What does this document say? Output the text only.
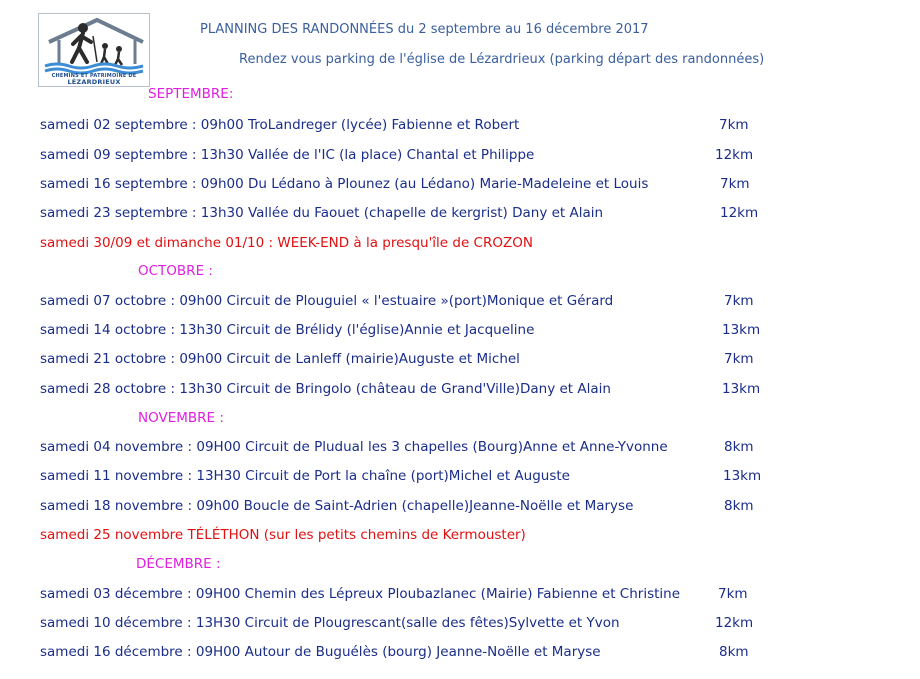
CHEMINS ET PATRIMOINE DE
LÉZARDRIEUX
PLANNING DES RANDONNÉES du 2 septembre au 16 décembre 2017
Rendez vous parking de l'église de Lézardrieux (parking départ des randonnées)
SEPTEMBRE:
samedi 02 septembre : 09h00 TroLandreger (lycée) Fabienne et Robert	7km
samedi 09 septembre : 13h30 Vallée de l'IC (la place) Chantal et Philippe	12km
samedi 16 septembre : 09h00 Du Lédano à Plounez (au Lédano) Marie-Madeleine et Louis	7km
samedi 23 septembre : 13h30 Vallée du Faouet (chapelle de kergrist) Dany et Alain	12km
samedi 30/09 et dimanche 01/10 : WEEK-END à la presqu'île de CROZON
OCTOBRE :
samedi 07 octobre : 09h00 Circuit de Plouguiel « l'estuaire »(port)Monique et Gérard	7km
samedi 14 octobre : 13h30 Circuit de Brélidy (l'église)Annie et Jacqueline	13km
samedi 21 octobre : 09h00 Circuit de Lanleff (mairie)Auguste et Michel	7km
samedi 28 octobre : 13h30 Circuit de Bringolo (château de Grand'Ville)Dany et Alain	13km
NOVEMBRE :
samedi 04 novembre : 09H00 Circuit de Pludual les 3 chapelles (Bourg)Anne et Anne-Yvonne	8km
samedi 11 novembre : 13H30 Circuit de Port la chaîne (port)Michel et Auguste	13km
samedi 18 novembre : 09h00 Boucle de Saint-Adrien (chapelle)Jeanne-Noëlle et Maryse	8km
samedi 25 novembre TÉLÉTHON (sur les petits chemins de Kermouster)
DÉCEMBRE :
samedi 03 décembre : 09H00 Chemin des Lépreux Ploubazlanec (Mairie) Fabienne et Christine	7km
samedi 10 décembre : 13H30 Circuit de Plougrescant(salle des fêtes)Sylvette et Yvon	12km
samedi 16 décembre : 09H00 Autour de Buguélès (bourg) Jeanne-Noëlle et Maryse	8km
